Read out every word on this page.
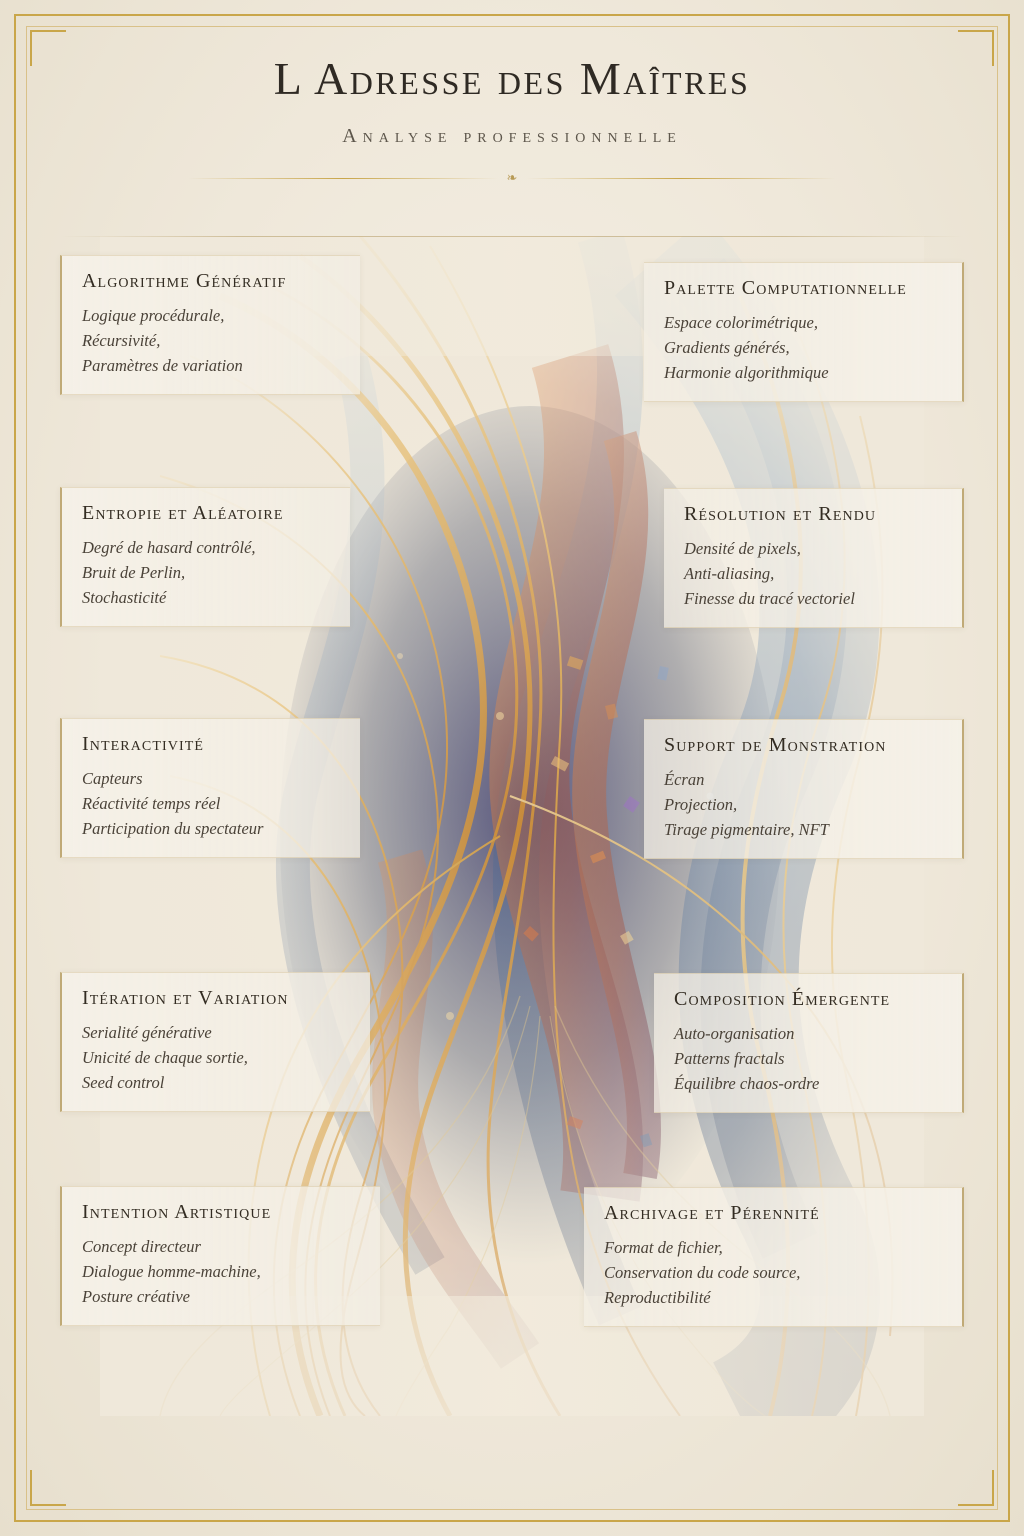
L Adresse des Maîtres
Analyse professionnelle
❧
Algorithme Génératif
Logique procédurale,
Récursivité,
Paramètres de variation
Palette Computationnelle
Espace colorimétrique,
Gradients générés,
Harmonie algorithmique
Entropie et Aléatoire
Degré de hasard contrôlé,
Bruit de Perlin,
Stochasticité
Résolution et Rendu
Densité de pixels,
Anti-aliasing,
Finesse du tracé vectoriel
Interactivité
Capteurs
Réactivité temps réel
Participation du spectateur
Support de Monstration
Écran
Projection,
Tirage pigmentaire, NFT
Itération et Variation
Serialité générative
Unicité de chaque sortie,
Seed control
Composition Émergente
Auto-organisation
Patterns fractals
Équilibre chaos-ordre
Intention Artistique
Concept directeur
Dialogue homme-machine,
Posture créative
Archivage et Pérennité
Format de fichier,
Conservation du code source,
Reproductibilité
